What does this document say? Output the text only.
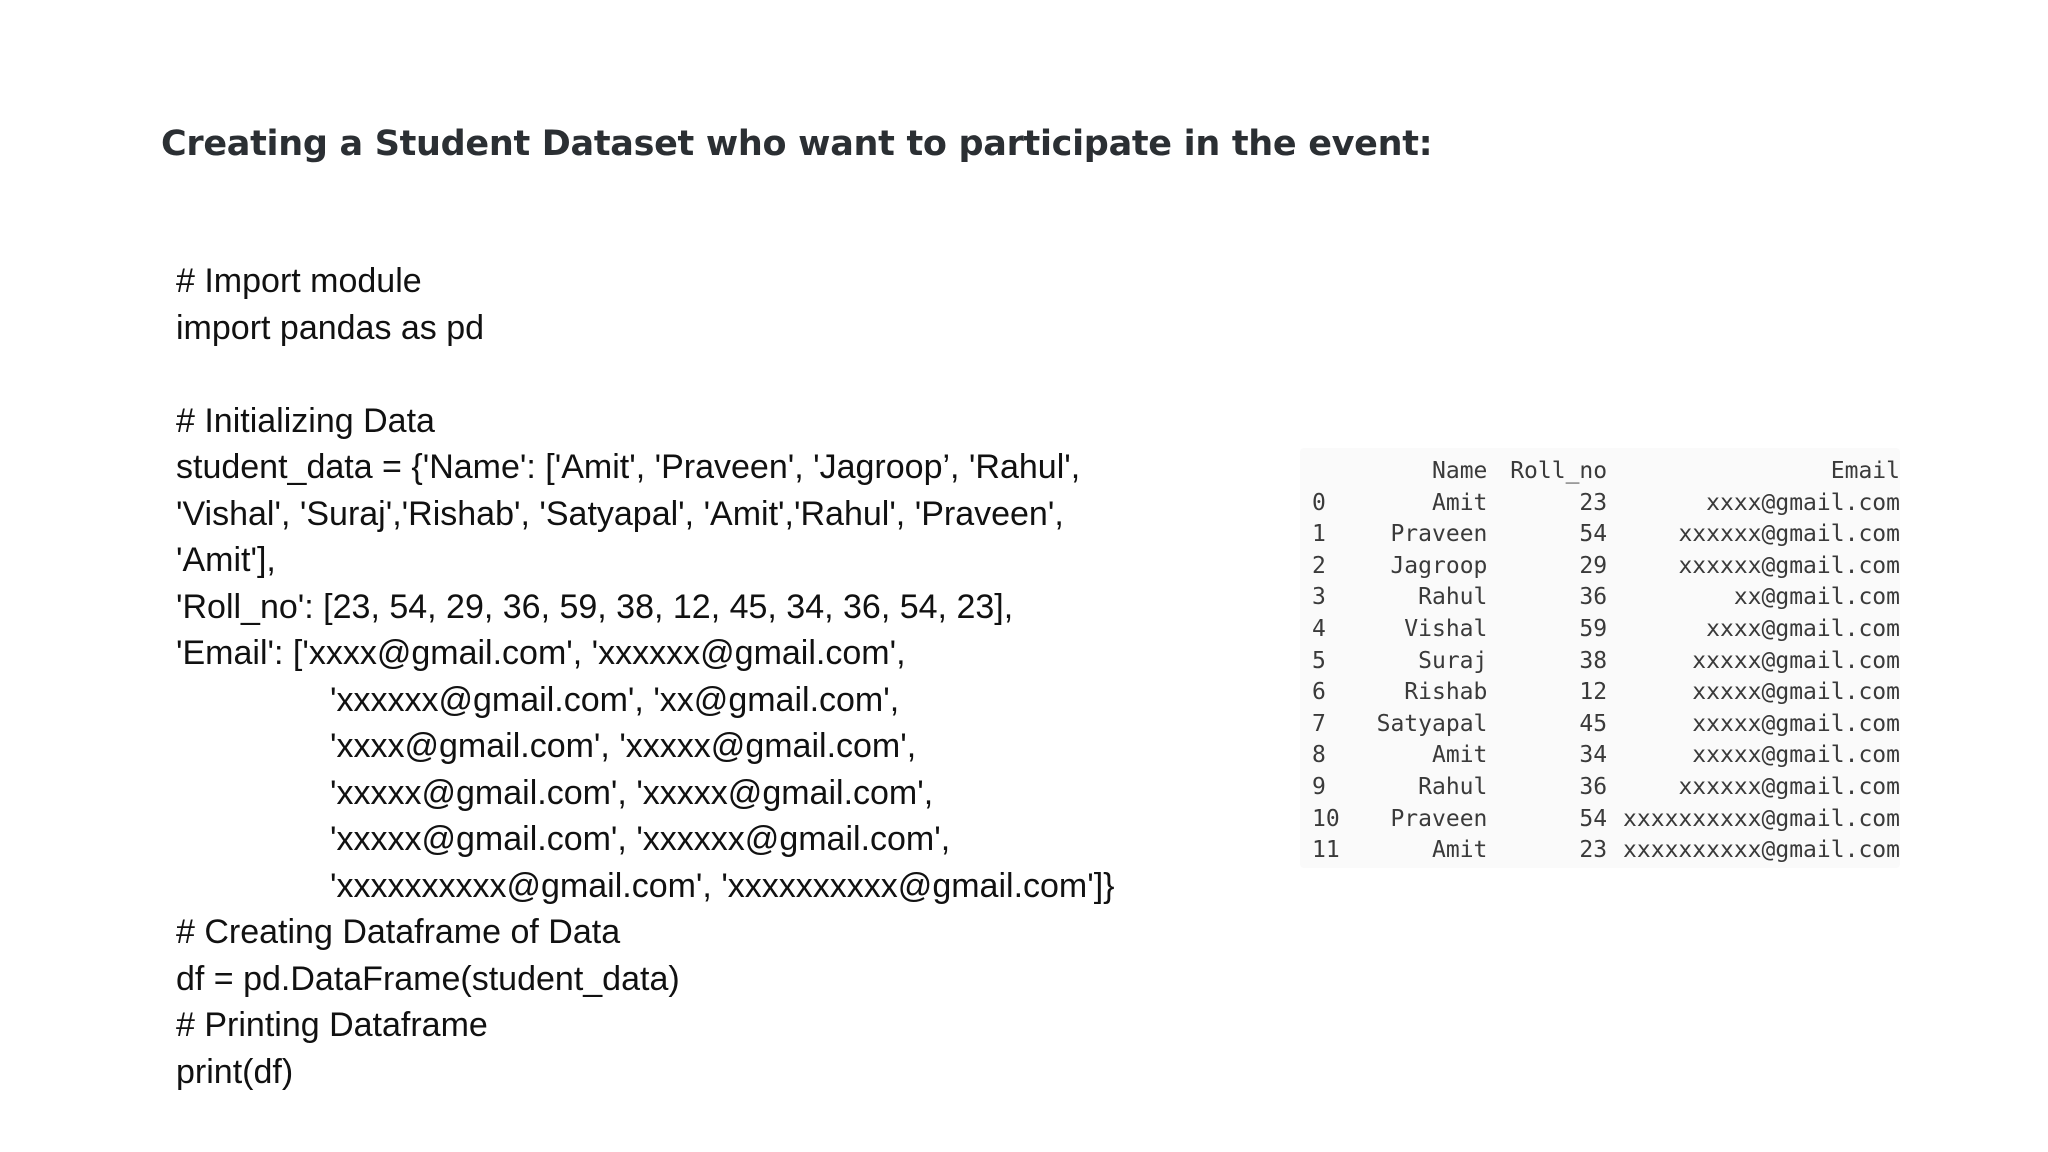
Creating a Student Dataset who want to participate in the event:
# Import module
import pandas as pd
# Initializing Data
student_data = {'Name': ['Amit', 'Praveen', 'Jagroop’, 'Rahul',
'Vishal', 'Suraj','Rishab', 'Satyapal', 'Amit','Rahul', 'Praveen',
'Amit'],
'Roll_no': [23, 54, 29, 36, 59, 38, 12, 45, 34, 36, 54, 23],
'Email': ['xxxx@gmail.com', 'xxxxxx@gmail.com',
'xxxxxx@gmail.com', 'xx@gmail.com',
'xxxx@gmail.com', 'xxxxx@gmail.com',
'xxxxx@gmail.com', 'xxxxx@gmail.com',
'xxxxx@gmail.com', 'xxxxxx@gmail.com',
'xxxxxxxxxx@gmail.com', 'xxxxxxxxxx@gmail.com']}
# Creating Dataframe of Data
df = pd.DataFrame(student_data)
# Printing Dataframe
print(df)
	Name	Roll_no	Email
0	Amit	23	xxxx@gmail.com
1	Praveen	54	xxxxxx@gmail.com
2	Jagroop	29	xxxxxx@gmail.com
3	Rahul	36	xx@gmail.com
4	Vishal	59	xxxx@gmail.com
5	Suraj	38	xxxxx@gmail.com
6	Rishab	12	xxxxx@gmail.com
7	Satyapal	45	xxxxx@gmail.com
8	Amit	34	xxxxx@gmail.com
9	Rahul	36	xxxxxx@gmail.com
10	Praveen	54	xxxxxxxxxx@gmail.com
11	Amit	23	xxxxxxxxxx@gmail.com
